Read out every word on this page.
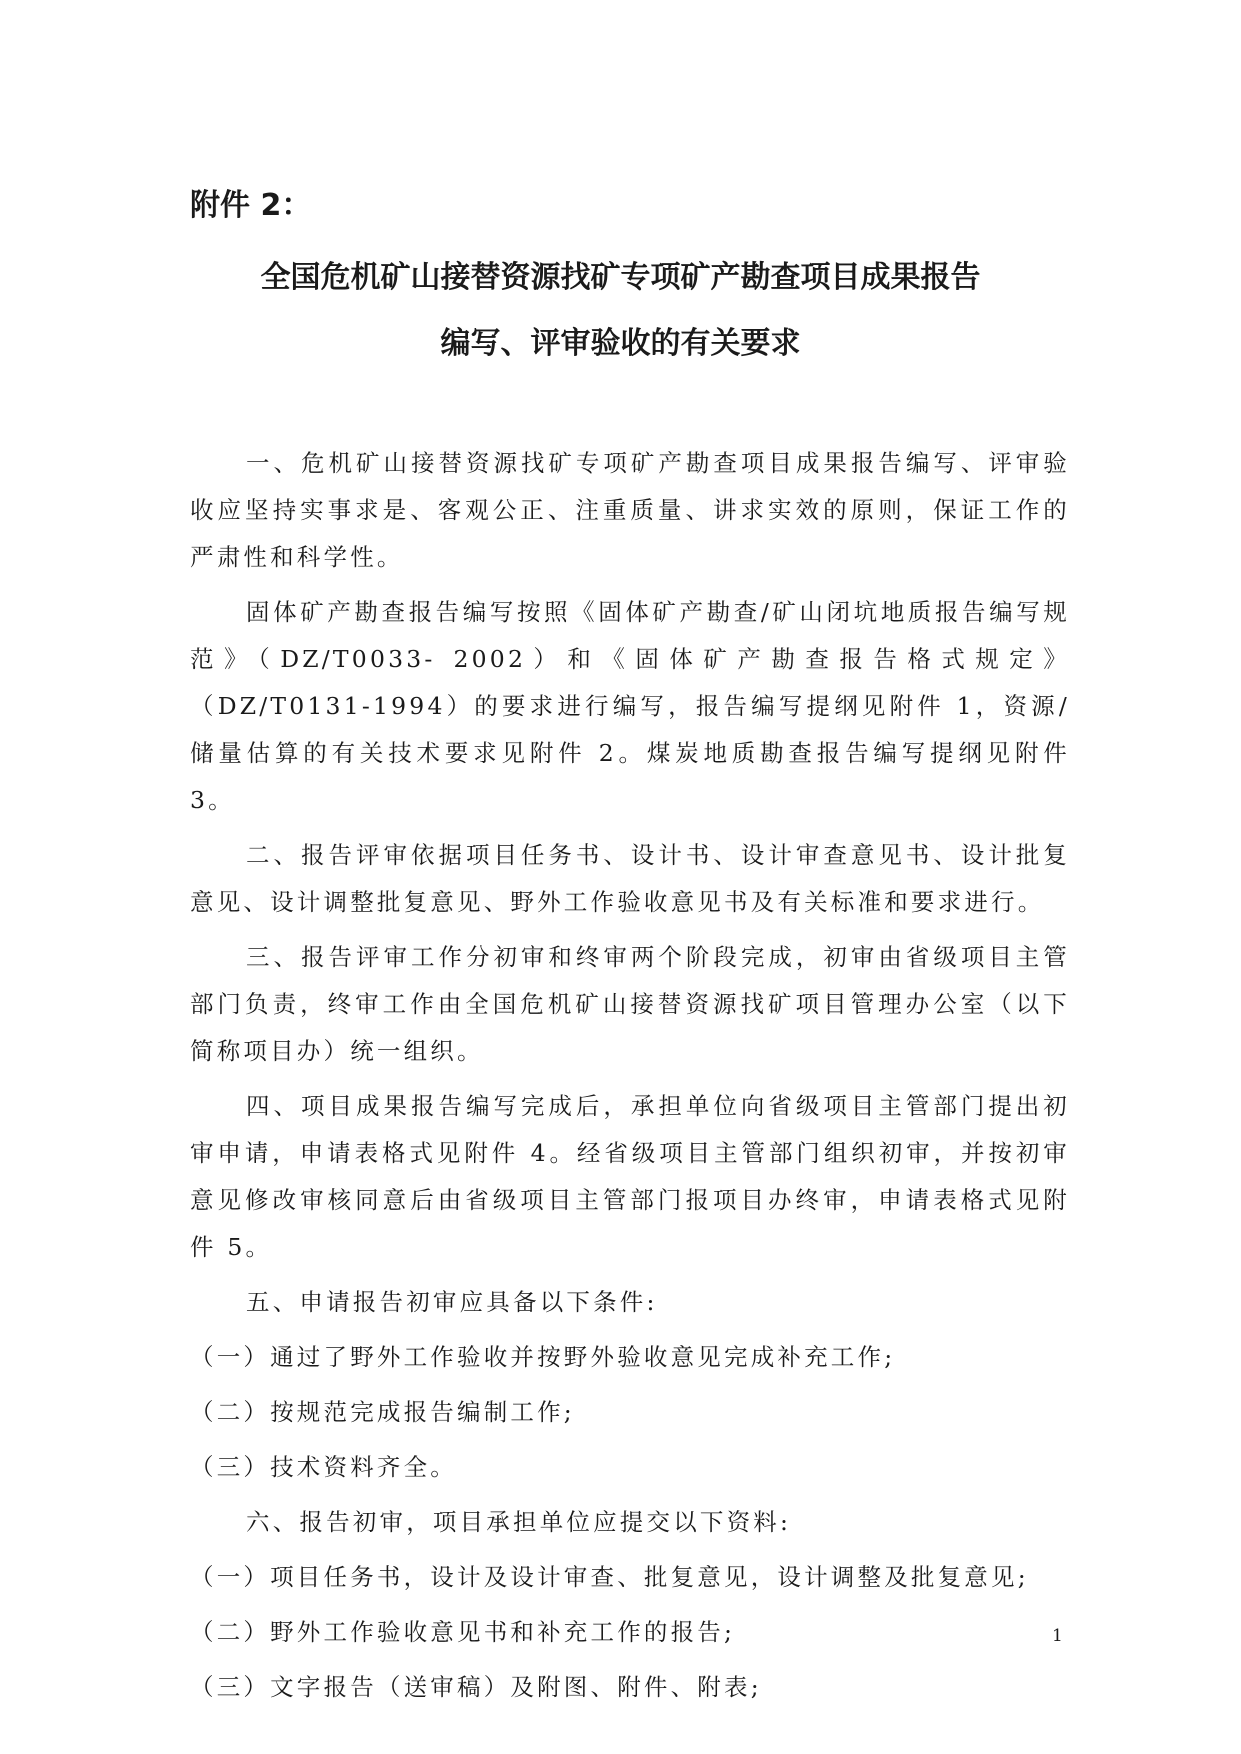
附件 2：
全国危机矿山接替资源找矿专项矿产勘查项目成果报告
编写、评审验收的有关要求

一、危机矿山接替资源找矿专项矿产勘查项目成果报告编写、评审验收应坚持实事求是、客观公正、注重质量、讲求实效的原则，保证工作的严肃性和科学性。

固体矿产勘查报告编写按照《固体矿产勘查/矿山闭坑地质报告编写规范》（DZ/T0033- 2002）和《固体矿产勘查报告格式规定》（DZ/T0131-1994）的要求进行编写，报告编写提纲见附件 1，资源/储量估算的有关技术要求见附件 2。煤炭地质勘查报告编写提纲见附件 3。

二、报告评审依据项目任务书、设计书、设计审查意见书、设计批复意见、设计调整批复意见、野外工作验收意见书及有关标准和要求进行。

三、报告评审工作分初审和终审两个阶段完成，初审由省级项目主管部门负责，终审工作由全国危机矿山接替资源找矿项目管理办公室（以下简称项目办）统一组织。

四、项目成果报告编写完成后，承担单位向省级项目主管部门提出初审申请，申请表格式见附件 4。经省级项目主管部门组织初审，并按初审意见修改审核同意后由省级项目主管部门报项目办终审，申请表格式见附件 5。

五、申请报告初审应具备以下条件:

（一）通过了野外工作验收并按野外验收意见完成补充工作;

（二）按规范完成报告编制工作;

（三）技术资料齐全。

六、报告初审，项目承担单位应提交以下资料:

（一）项目任务书，设计及设计审查、批复意见，设计调整及批复意见;

（二）野外工作验收意见书和补充工作的报告;

（三）文字报告（送审稿）及附图、附件、附表;

1
